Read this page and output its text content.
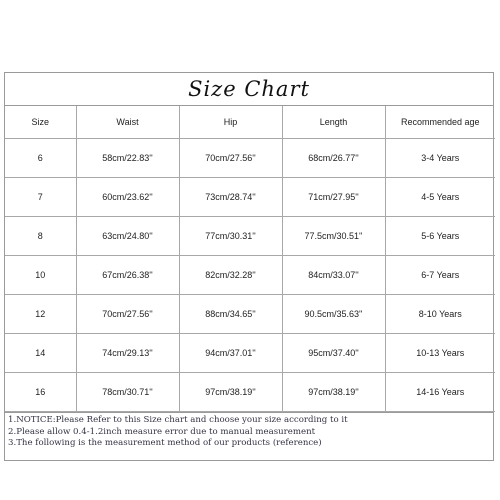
Size Chart
Size	Waist	Hip	Length	Recommended age
6	58cm/22.83''	70cm/27.56''	68cm/26.77''	3-4 Years
7	60cm/23.62''	73cm/28.74''	71cm/27.95''	4-5 Years
8	63cm/24.80''	77cm/30.31''	77.5cm/30.51''	5-6 Years
10	67cm/26.38''	82cm/32.28''	84cm/33.07''	6-7 Years
12	70cm/27.56''	88cm/34.65''	90.5cm/35.63''	8-10 Years
14	74cm/29.13''	94cm/37.01''	95cm/37.40''	10-13 Years
16	78cm/30.71''	97cm/38.19''	97cm/38.19''	14-16 Years
1.NOTICE:Please Refer to this Size chart and choose your size according to it
2.Please allow 0.4-1.2inch measure error due to manual measurement
3.The following is the measurement method of our products (reference)
